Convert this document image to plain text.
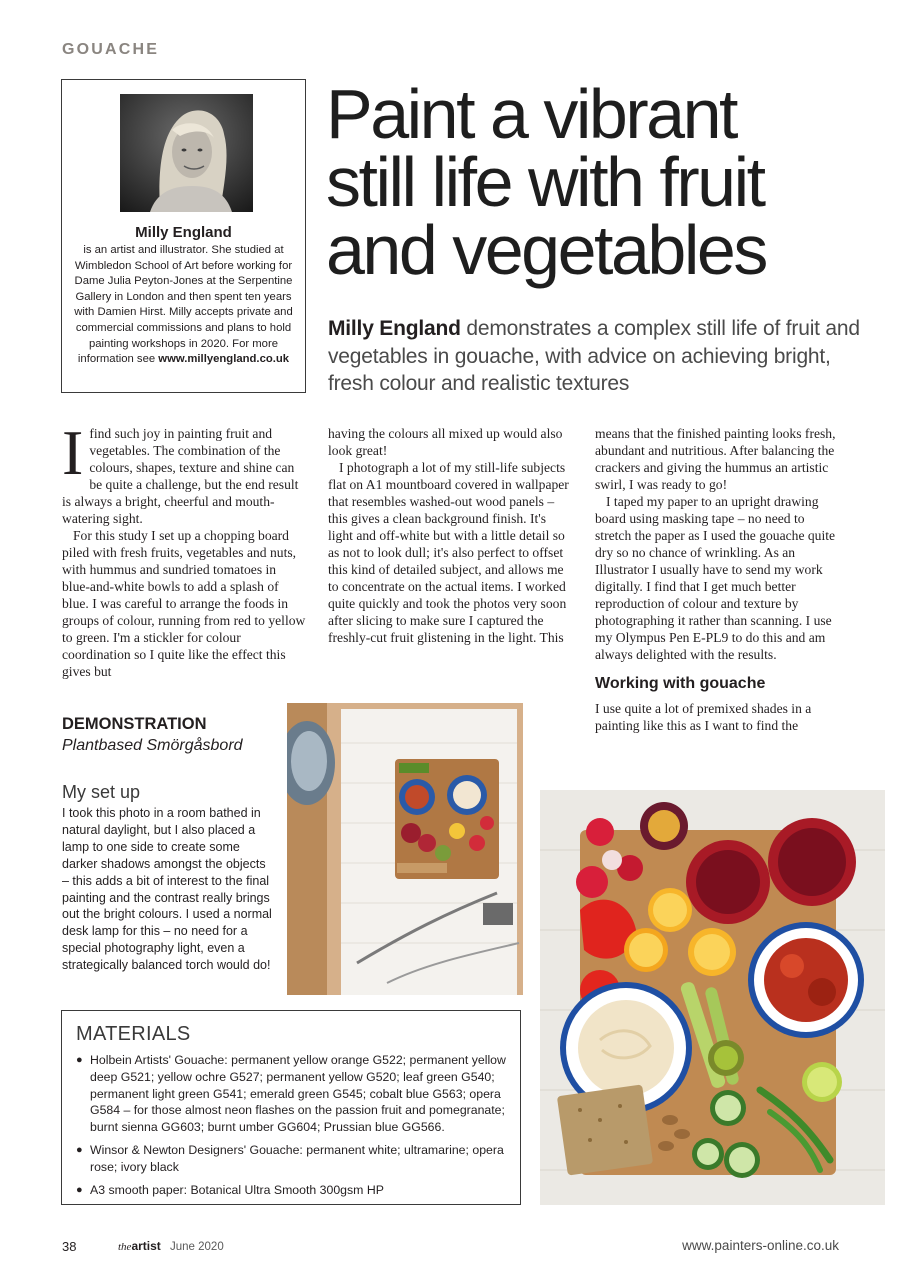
GOUACHE
Milly England
is an artist and illustrator. She studied at Wimbledon School of Art before working for Dame Julia Peyton-Jones at the Serpentine Gallery in London and then spent ten years with Damien Hirst. Milly accepts private and commercial commissions and plans to hold painting workshops in 2020. For more information see www.millyengland.co.uk
Paint a vibrant
still life with fruit
and vegetables
Milly England demonstrates a complex still life of fruit and vegetables in gouache, with advice on achieving bright, fresh colour and realistic textures

Ifind such joy in painting fruit and vegetables. The combination of the colours, shapes, texture and shine can be quite a challenge, but the end result is always a bright, cheerful and mouth-watering sight.

For this study I set up a chopping board piled with fresh fruits, vegetables and nuts, with hummus and sundried tomatoes in blue-and-white bowls to add a splash of blue. I was careful to arrange the foods in groups of colour, running from red to yellow to green. I'm a stickler for colour coordination so I quite like the effect this gives but

having the colours all mixed up would also look great!

I photograph a lot of my still-life subjects flat on A1 mountboard covered in wallpaper that resembles washed-out wood panels – this gives a clean background finish. It's light and off-white but with a little detail so as not to look dull; it's also perfect to offset this kind of detailed subject, and allows me to concentrate on the actual items. I worked quite quickly and took the photos very soon after slicing to make sure I captured the freshly-cut fruit glistening in the light. This

means that the finished painting looks fresh, abundant and nutritious. After balancing the crackers and giving the hummus an artistic swirl, I was ready to go!

I taped my paper to an upright drawing board using masking tape – no need to stretch the paper as I used the gouache quite dry so no chance of wrinkling. As an Illustrator I usually have to send my work digitally. I find that I get much better reproduction of colour and texture by photographing it rather than scanning. I use my Olympus Pen E-PL9 to do this and am always delighted with the results.

Working with gouache

I use quite a lot of premixed shades in a painting like this as I want to find the

DEMONSTRATION
Plantbased Smörgåsbord
My set up
I took this photo in a room bathed in natural daylight, but I also placed a lamp to one side to create some darker shadows amongst the objects – this adds a bit of interest to the final painting and the contrast really brings out the bright colours. I used a normal desk lamp for this – no need for a special photography light, even a strategically balanced torch would do!
MATERIALS
● Holbein Artists' Gouache: permanent yellow orange G522; permanent yellow deep G521; yellow ochre G527; permanent yellow G520; leaf green G540; permanent light green G541; emerald green G545; cobalt blue G563; opera G584 – for those almost neon flashes on the passion fruit and pomegranate; burnt sienna GG603; burnt umber GG604; Prussian blue GG566.
● Winsor & Newton Designers' Gouache: permanent white; ultramarine; opera rose; ivory black
● A3 smooth paper: Botanical Ultra Smooth 300gsm HP
38	theartist June 2020	www.painters-online.co.uk
